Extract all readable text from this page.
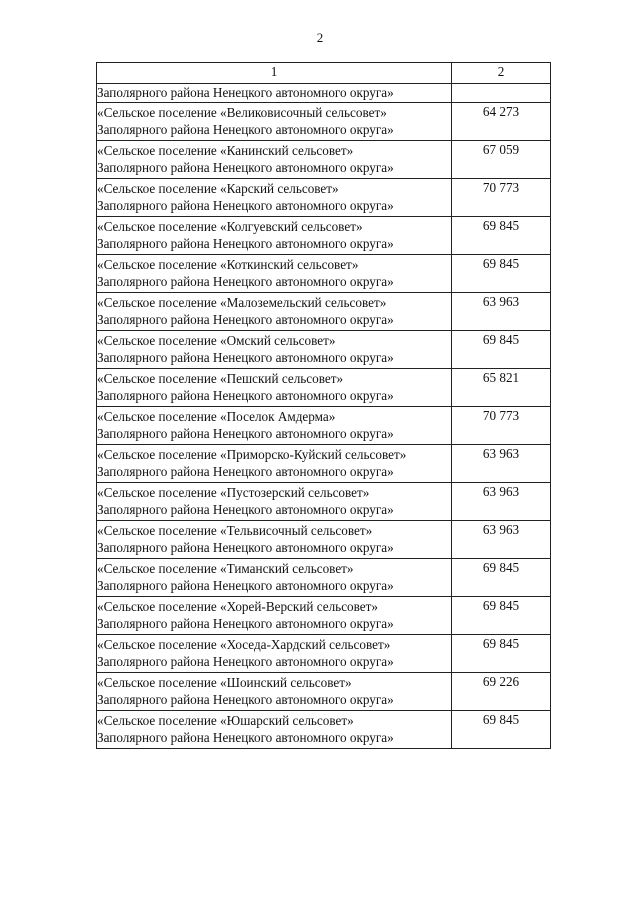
2
1	2
Заполярного района Ненецкого автономного округа»	

«Сельское поселение «Великовисочный сельсовет»
Заполярного района Ненецкого автономного округа»	64 273

«Сельское поселение «Канинский сельсовет»
Заполярного района Ненецкого автономного округа»	67 059

«Сельское поселение «Карский сельсовет»
Заполярного района Ненецкого автономного округа»	70 773

«Сельское поселение «Колгуевский сельсовет»
Заполярного района Ненецкого автономного округа»	69 845

«Сельское поселение «Коткинский сельсовет»
Заполярного района Ненецкого автономного округа»	69 845

«Сельское поселение «Малоземельский сельсовет»
Заполярного района Ненецкого автономного округа»	63 963

«Сельское поселение «Омский сельсовет»
Заполярного района Ненецкого автономного округа»	69 845

«Сельское поселение «Пешский сельсовет»
Заполярного района Ненецкого автономного округа»	65 821

«Сельское поселение «Поселок Амдерма»
Заполярного района Ненецкого автономного округа»	70 773

«Сельское поселение «Приморско-Куйский сельсовет»
Заполярного района Ненецкого автономного округа»	63 963

«Сельское поселение «Пустозерский сельсовет»
Заполярного района Ненецкого автономного округа»	63 963

«Сельское поселение «Тельвисочный сельсовет»
Заполярного района Ненецкого автономного округа»	63 963

«Сельское поселение «Тиманский сельсовет»
Заполярного района Ненецкого автономного округа»	69 845

«Сельское поселение «Хорей-Верский сельсовет»
Заполярного района Ненецкого автономного округа»	69 845

«Сельское поселение «Хоседа-Хардский сельсовет»
Заполярного района Ненецкого автономного округа»	69 845

«Сельское поселение «Шоинский сельсовет»
Заполярного района Ненецкого автономного округа»	69 226

«Сельское поселение «Юшарский сельсовет»
Заполярного района Ненецкого автономного округа»	69 845
